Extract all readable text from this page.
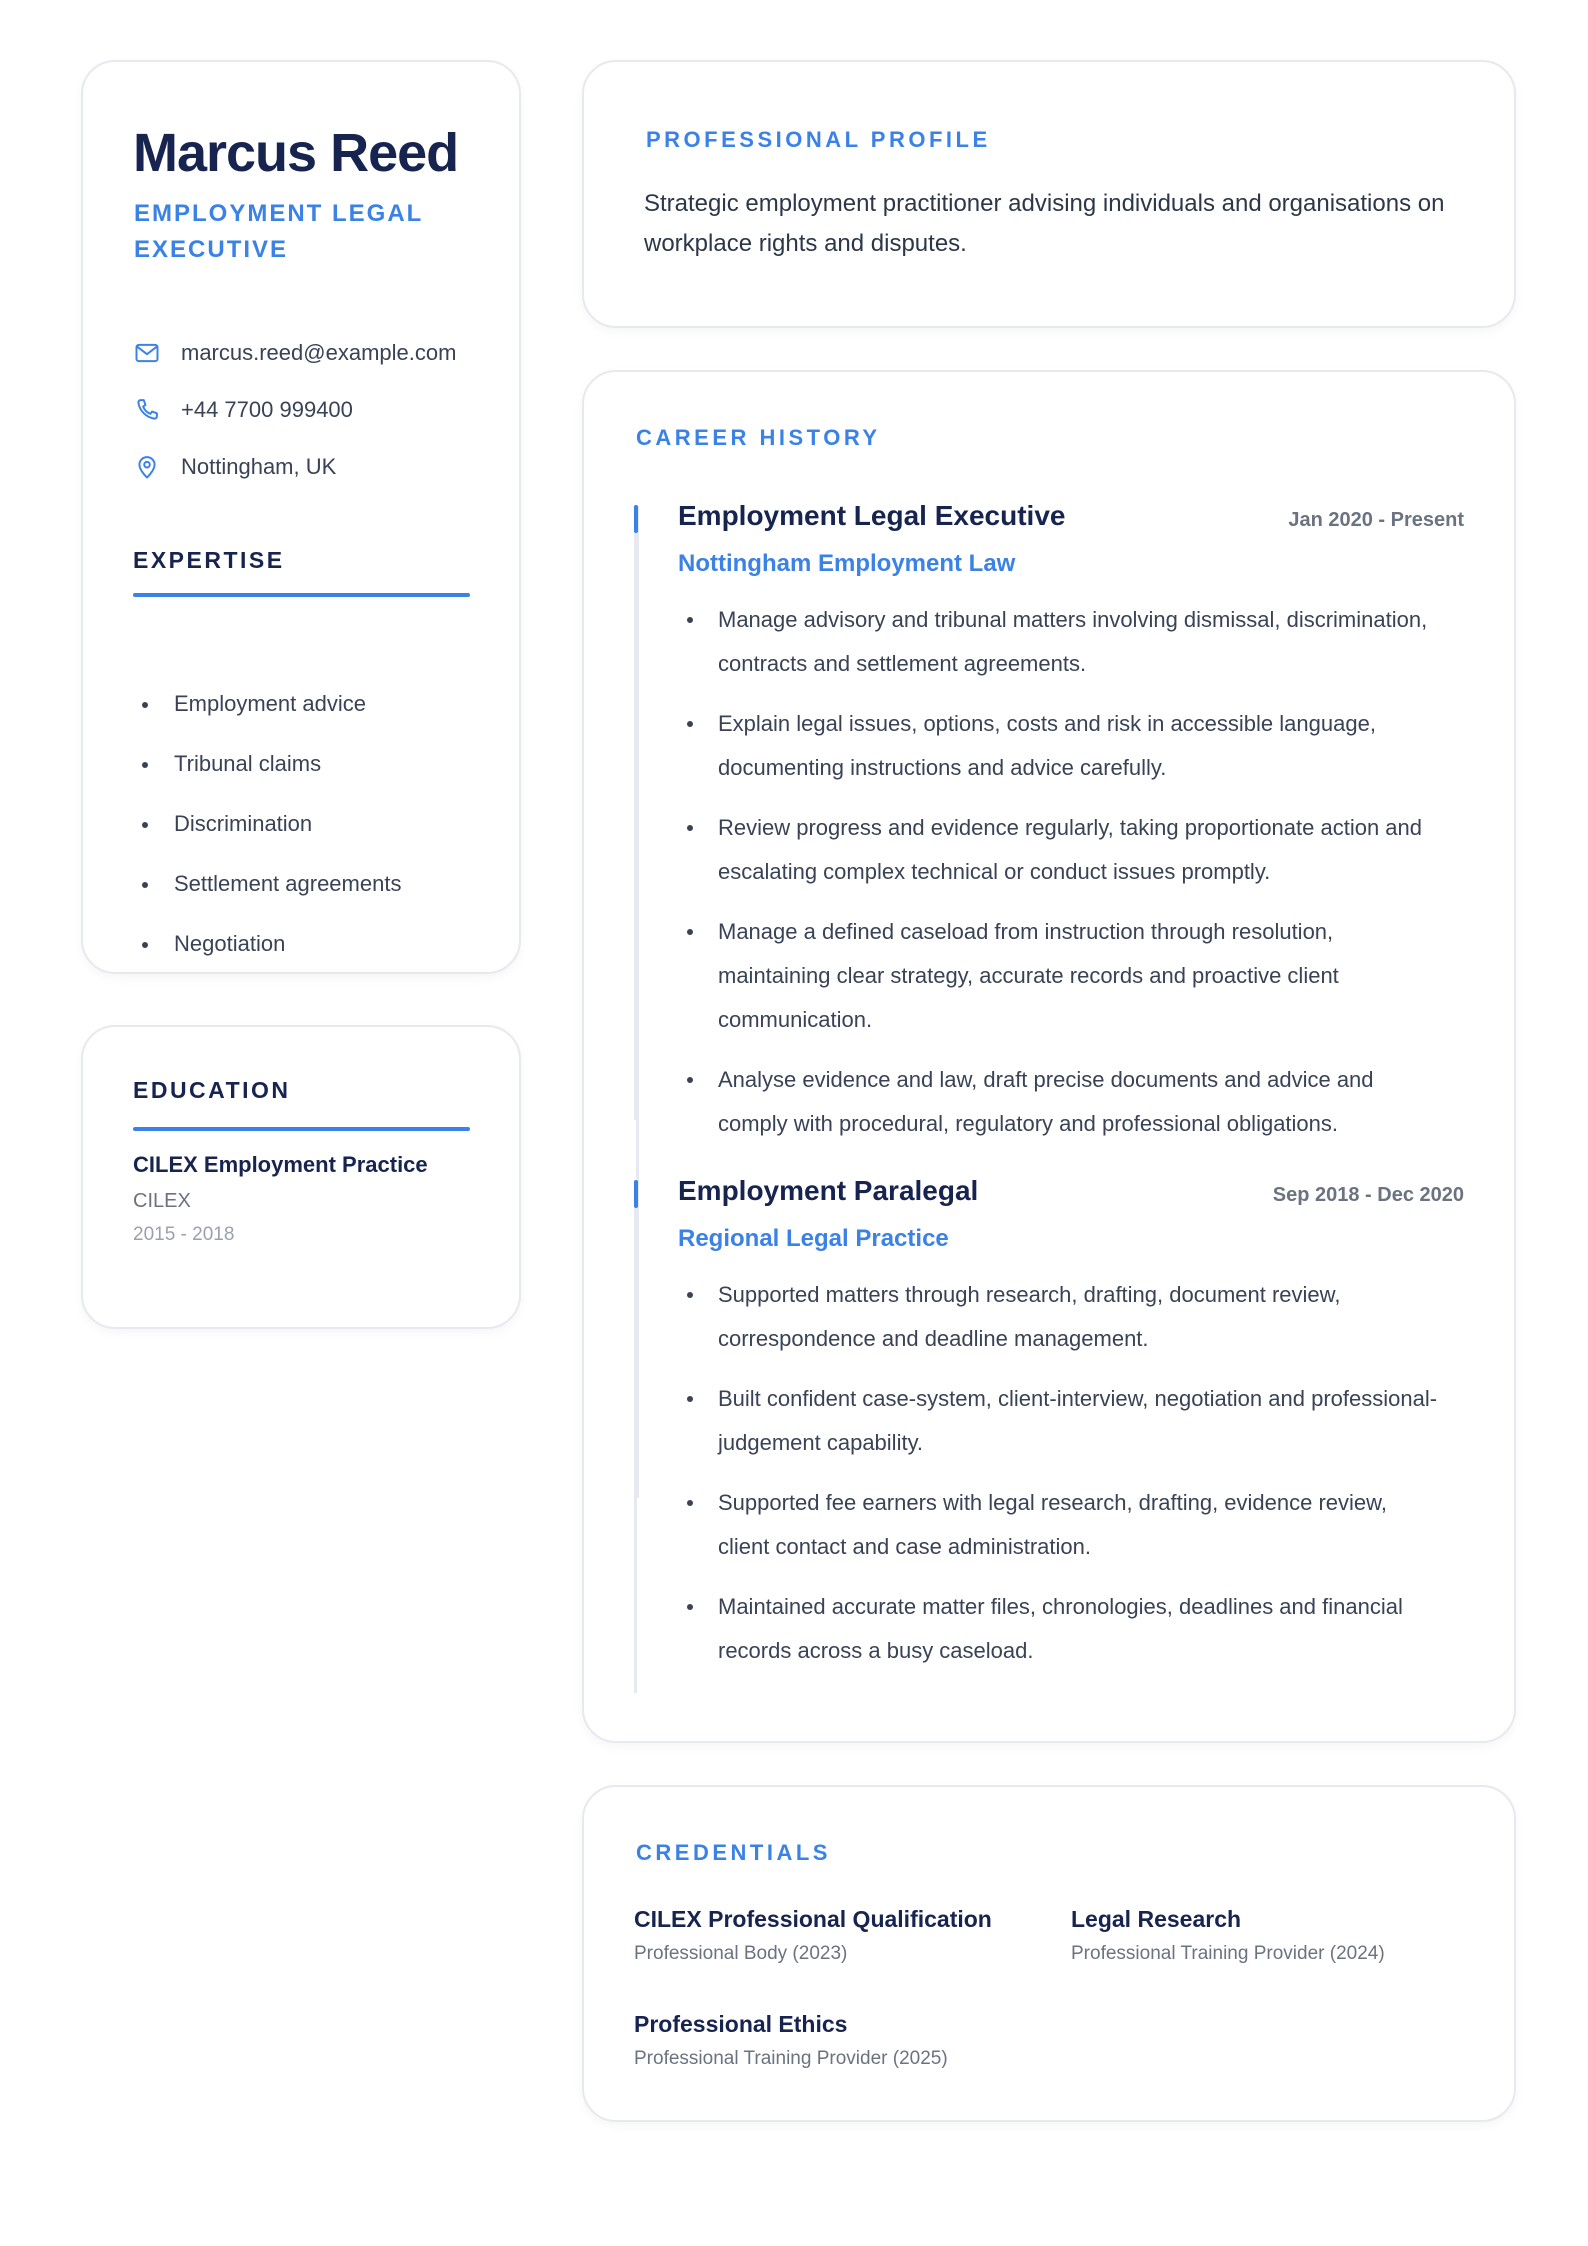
Marcus Reed
EMPLOYMENT LEGAL EXECUTIVE
marcus.reed@example.com
+44 7700 999400
Nottingham, UK
EXPERTISE
Employment advice
Tribunal claims
Discrimination
Settlement agreements
Negotiation
EDUCATION
CILEX Employment Practice
CILEX
2015 - 2018
PROFESSIONAL PROFILE
Strategic employment practitioner advising individuals and organisations on workplace rights and disputes.
CAREER HISTORY
Employment Legal Executive	Jan 2020 - Present
Nottingham Employment Law
Manage advisory and tribunal matters involving dismissal, discrimination, contracts and settlement agreements.
Explain legal issues, options, costs and risk in accessible language, documenting instructions and advice carefully.
Review progress and evidence regularly, taking proportionate action and escalating complex technical or conduct issues promptly.
Manage a defined caseload from instruction through resolution, maintaining clear strategy, accurate records and proactive client communication.
Analyse evidence and law, draft precise documents and advice and comply with procedural, regulatory and professional obligations.
Employment Paralegal	Sep 2018 - Dec 2020
Regional Legal Practice
Supported matters through research, drafting, document review, correspondence and deadline management.
Built confident case-system, client-interview, negotiation and professional-judgement capability.
Supported fee earners with legal research, drafting, evidence review, client contact and case administration.
Maintained accurate matter files, chronologies, deadlines and financial records across a busy caseload.
CREDENTIALS
CILEX Professional Qualification
Professional Body (2023)
Legal Research
Professional Training Provider (2024)
Professional Ethics
Professional Training Provider (2025)
